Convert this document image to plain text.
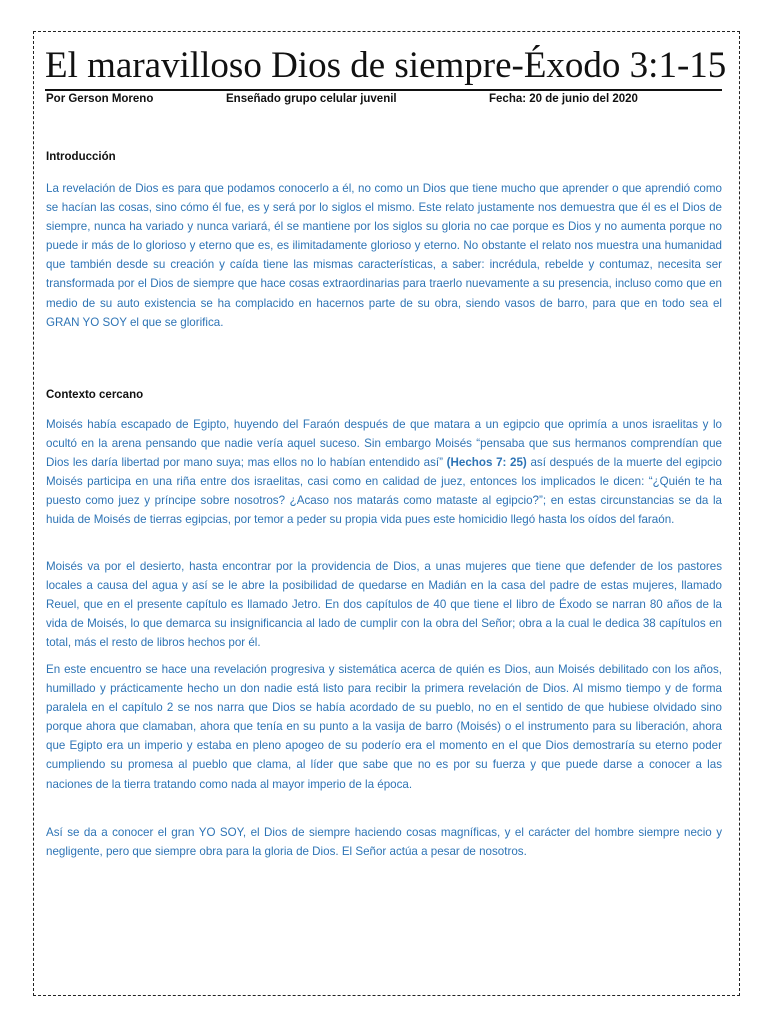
El maravilloso Dios de siempre-Éxodo 3:1-15
Por Gerson Moreno	Enseñado grupo celular juvenil	Fecha: 20 de junio del 2020
Introducción

La revelación de Dios es para que podamos conocerlo a él, no como un Dios que tiene mucho que aprender o que aprendió como se hacían las cosas, sino cómo él fue, es y será por lo siglos el mismo. Este relato justamente nos demuestra que él es el Dios de siempre, nunca ha variado y nunca variará, él se mantiene por los siglos su gloria no cae porque es Dios y no aumenta porque no puede ir más de lo glorioso y eterno que es, es ilimitadamente glorioso y eterno. No obstante el relato nos muestra una humanidad que también desde su creación y caída tiene las mismas características, a saber: incrédula, rebelde y contumaz, necesita ser transformada por el Dios de siempre que hace cosas extraordinarias para traerlo nuevamente a su presencia, incluso como que en medio de su auto existencia se ha complacido en hacernos parte de su obra, siendo vasos de barro, para que en todo sea el GRAN YO SOY el que se glorifica.

Contexto cercano

Moisés había escapado de Egipto, huyendo del Faraón después de que matara a un egipcio que oprimía a unos israelitas y lo ocultó en la arena pensando que nadie vería aquel suceso. Sin embargo Moisés “pensaba que sus hermanos comprendían que Dios les daría libertad por mano suya; mas ellos no lo habían entendido así” (Hechos 7: 25) así después de la muerte del egipcio Moisés participa en una riña entre dos israelitas, casi como en calidad de juez, entonces los implicados le dicen: “¿Quién te ha puesto como juez y príncipe sobre nosotros? ¿Acaso nos matarás como mataste al egipcio?”; en estas circunstancias se da la huida de Moisés de tierras egipcias, por temor a peder su propia vida pues este homicidio llegó hasta los oídos del faraón.

Moisés va por el desierto, hasta encontrar por la providencia de Dios, a unas mujeres que tiene que defender de los pastores locales a causa del agua y así se le abre la posibilidad de quedarse en Madián en la casa del padre de estas mujeres, llamado Reuel, que en el presente capítulo es llamado Jetro. En dos capítulos de 40 que tiene el libro de Éxodo se narran 80 años de la vida de Moisés, lo que demarca su insignificancia al lado de cumplir con la obra del Señor; obra a la cual le dedica 38 capítulos en total, más el resto de libros hechos por él.

En este encuentro se hace una revelación progresiva y sistemática acerca de quién es Dios, aun Moisés debilitado con los años, humillado y prácticamente hecho un don nadie está listo para recibir la primera revelación de Dios. Al mismo tiempo y de forma paralela en el capítulo 2 se nos narra que Dios se había acordado de su pueblo, no en el sentido de que hubiese olvidado sino porque ahora que clamaban, ahora que tenía en su punto a la vasija de barro (Moisés) o el instrumento para su liberación, ahora que Egipto era un imperio y estaba en pleno apogeo de su poderío era el momento en el que Dios demostraría su eterno poder cumpliendo su promesa al pueblo que clama, al líder que sabe que no es por su fuerza y que puede darse a conocer a las naciones de la tierra tratando como nada al mayor imperio de la época.

Así se da a conocer el gran YO SOY, el Dios de siempre haciendo cosas magníficas, y el carácter del hombre siempre necio y negligente, pero que siempre obra para la gloria de Dios. El Señor actúa a pesar de nosotros.
